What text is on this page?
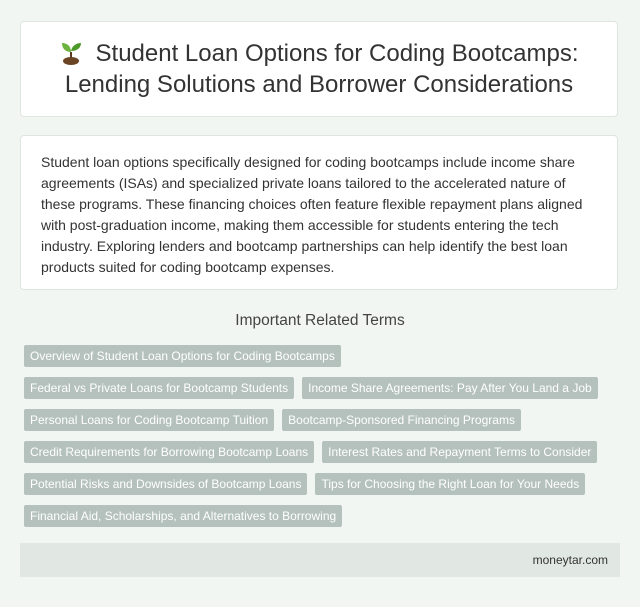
Student Loan Options for Coding Bootcamps: Lending Solutions and Borrower Considerations

Student loan options specifically designed for coding bootcamps include income share agreements (ISAs) and specialized private loans tailored to the accelerated nature of these programs. These financing choices often feature flexible repayment plans aligned with post-graduation income, making them accessible for students entering the tech industry. Exploring lenders and bootcamp partnerships can help identify the best loan products suited for coding bootcamp expenses.

Important Related Terms
Overview of Student Loan Options for Coding Bootcamps
Federal vs Private Loans for Bootcamp Students	Income Share Agreements: Pay After You Land a Job
Personal Loans for Coding Bootcamp Tuition	Bootcamp-Sponsored Financing Programs
Credit Requirements for Borrowing Bootcamp Loans	Interest Rates and Repayment Terms to Consider
Potential Risks and Downsides of Bootcamp Loans	Tips for Choosing the Right Loan for Your Needs
Financial Aid, Scholarships, and Alternatives to Borrowing
moneytar.com
